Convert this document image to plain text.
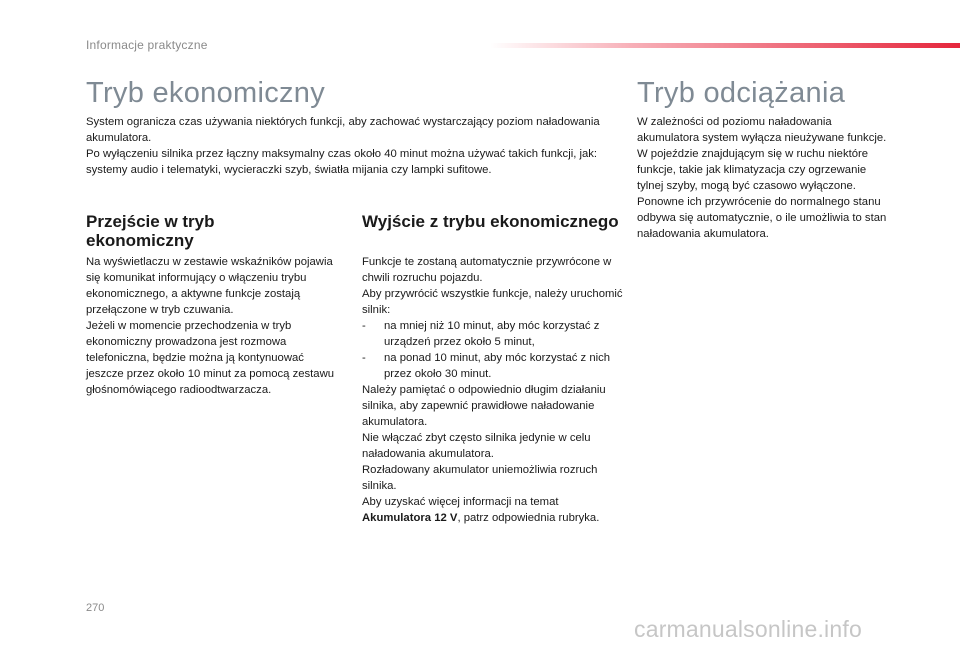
Informacje praktyczne
Tryb ekonomiczny

System ogranicza czas używania niektórych funkcji, aby zachować wystarczający poziom naładowania akumulatora.

Po wyłączeniu silnika przez łączny maksymalny czas około 40 minut można używać takich funkcji, jak: systemy audio i telematyki, wycieraczki szyb, światła mijania czy lampki sufitowe.

Przejście w tryb ekonomiczny

Na wyświetlaczu w zestawie wskaźników pojawia się komunikat informujący o włączeniu trybu ekonomicznego, a aktywne funkcje zostają przełączone w tryb czuwania.

Jeżeli w momencie przechodzenia w tryb ekonomiczny prowadzona jest rozmowa telefoniczna, będzie można ją kontynuować jeszcze przez około 10 minut za pomocą zestawu głośnomówiącego radioodtwarzacza.

Wyjście z trybu ekonomicznego

Funkcje te zostaną automatycznie przywrócone w chwili rozruchu pojazdu.

Aby przywrócić wszystkie funkcje, należy uruchomić silnik:

-	na mniej niż 10 minut, aby móc korzystać z urządzeń przez około 5 minut,
-	na ponad 10 minut, aby móc korzystać z nich przez około 30 minut.

Należy pamiętać o odpowiednio długim działaniu silnika, aby zapewnić prawidłowe naładowanie akumulatora.

Nie włączać zbyt często silnika jedynie w celu naładowania akumulatora.

Rozładowany akumulator uniemożliwia rozruch silnika.

Aby uzyskać więcej informacji na temat Akumulatora 12 V, patrz odpowiednia rubryka.

Tryb odciążania

W zależności od poziomu naładowania akumulatora system wyłącza nieużywane funkcje.

W pojeździe znajdującym się w ruchu niektóre funkcje, takie jak klimatyzacja czy ogrzewanie tylnej szyby, mogą być czasowo wyłączone.

Ponowne ich przywrócenie do normalnego stanu odbywa się automatycznie, o ile umożliwia to stan naładowania akumulatora.

270
carmanualsonline.info
